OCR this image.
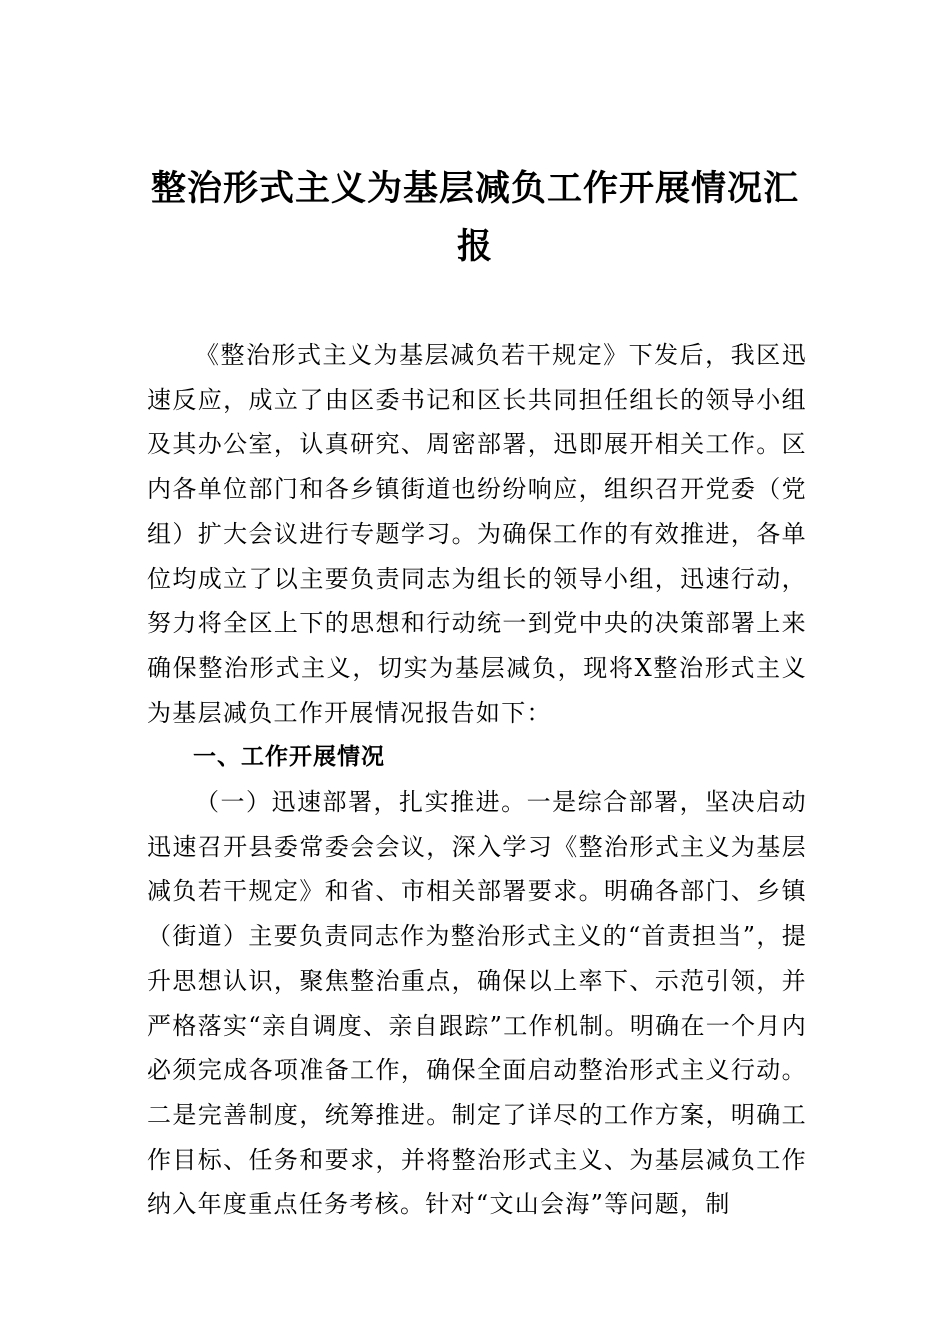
整治形式主义为基层减负工作开展情况汇报

《整治形式主义为基层减负若干规定》下发后，我区迅速反应，成立了由区委书记和区长共同担任组长的领导小组及其办公室，认真研究、周密部署，迅即展开相关工作。区内各单位部门和各乡镇街道也纷纷响应，组织召开党委（党组）扩大会议进行专题学习。为确保工作的有效推进，各单位均成立了以主要负责同志为组长的领导小组，迅速行动，努力将全区上下的思想和行动统一到党中央的决策部署上来确保整治形式主义，切实为基层减负，现将X整治形式主义为基层减负工作开展情况报告如下：

一、工作开展情况

（一）迅速部署，扎实推进。一是综合部署，坚决启动迅速召开县委常委会会议，深入学习《整治形式主义为基层减负若干规定》和省、市相关部署要求。明确各部门、乡镇（街道）主要负责同志作为整治形式主义的“首责担当”，提升思想认识，聚焦整治重点，确保以上率下、示范引领，并严格落实“亲自调度、亲自跟踪”工作机制。明确在一个月内必须完成各项准备工作，确保全面启动整治形式主义行动。二是完善制度，统筹推进。制定了详尽的工作方案，明确工作目标、任务和要求，并将整治形式主义、为基层减负工作纳入年度重点任务考核。针对“文山会海”等问题，制
